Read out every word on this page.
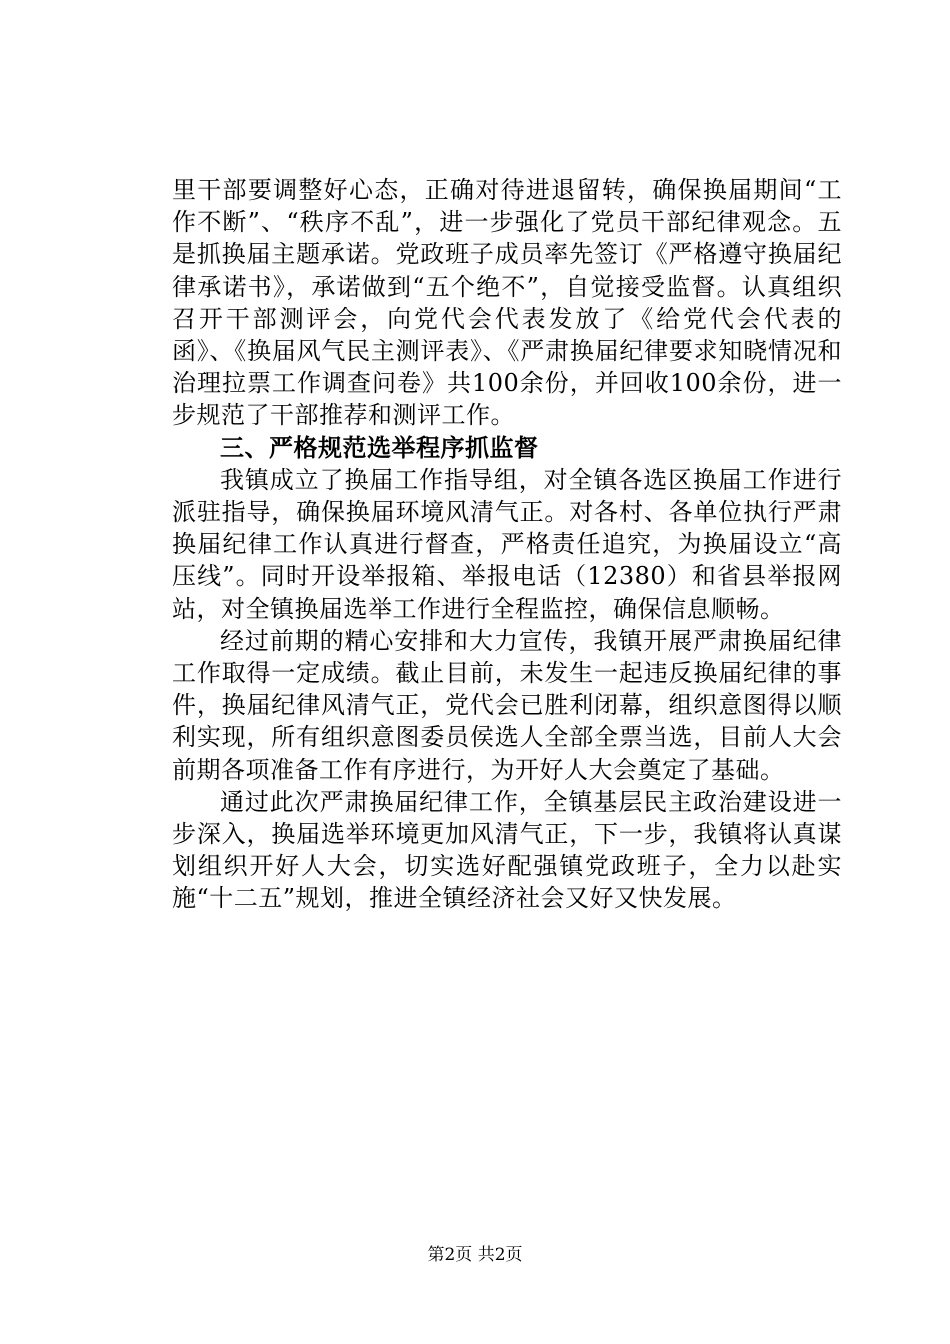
里干部要调整好心态，正确对待进退留转，确保换届期间“工作不断”、“秩序不乱”，进一步强化了党员干部纪律观念。五是抓换届主题承诺。党政班子成员率先签订《严格遵守换届纪律承诺书》，承诺做到“五个绝不”，自觉接受监督。认真组织召开干部测评会，向党代会代表发放了《给党代会代表的函》、《换届风气民主测评表》、《严肃换届纪律要求知晓情况和治理拉票工作调查问卷》共100余份，并回收100余份，进一步规范了干部推荐和测评工作。

三、严格规范选举程序抓监督

我镇成立了换届工作指导组，对全镇各选区换届工作进行派驻指导，确保换届环境风清气正。对各村、各单位执行严肃换届纪律工作认真进行督查，严格责任追究，为换届设立“高压线”。同时开设举报箱、举报电话（12380）和省县举报网站，对全镇换届选举工作进行全程监控，确保信息顺畅。

经过前期的精心安排和大力宣传，我镇开展严肃换届纪律工作取得一定成绩。截止目前，未发生一起违反换届纪律的事件，换届纪律风清气正，党代会已胜利闭幕，组织意图得以顺利实现，所有组织意图委员侯选人全部全票当选，目前人大会前期各项准备工作有序进行，为开好人大会奠定了基础。

通过此次严肃换届纪律工作，全镇基层民主政治建设进一步深入，换届选举环境更加风清气正，下一步，我镇将认真谋划组织开好人大会，切实选好配强镇党政班子，全力以赴实施“十二五”规划，推进全镇经济社会又好又快发展。

第2页 共2页
